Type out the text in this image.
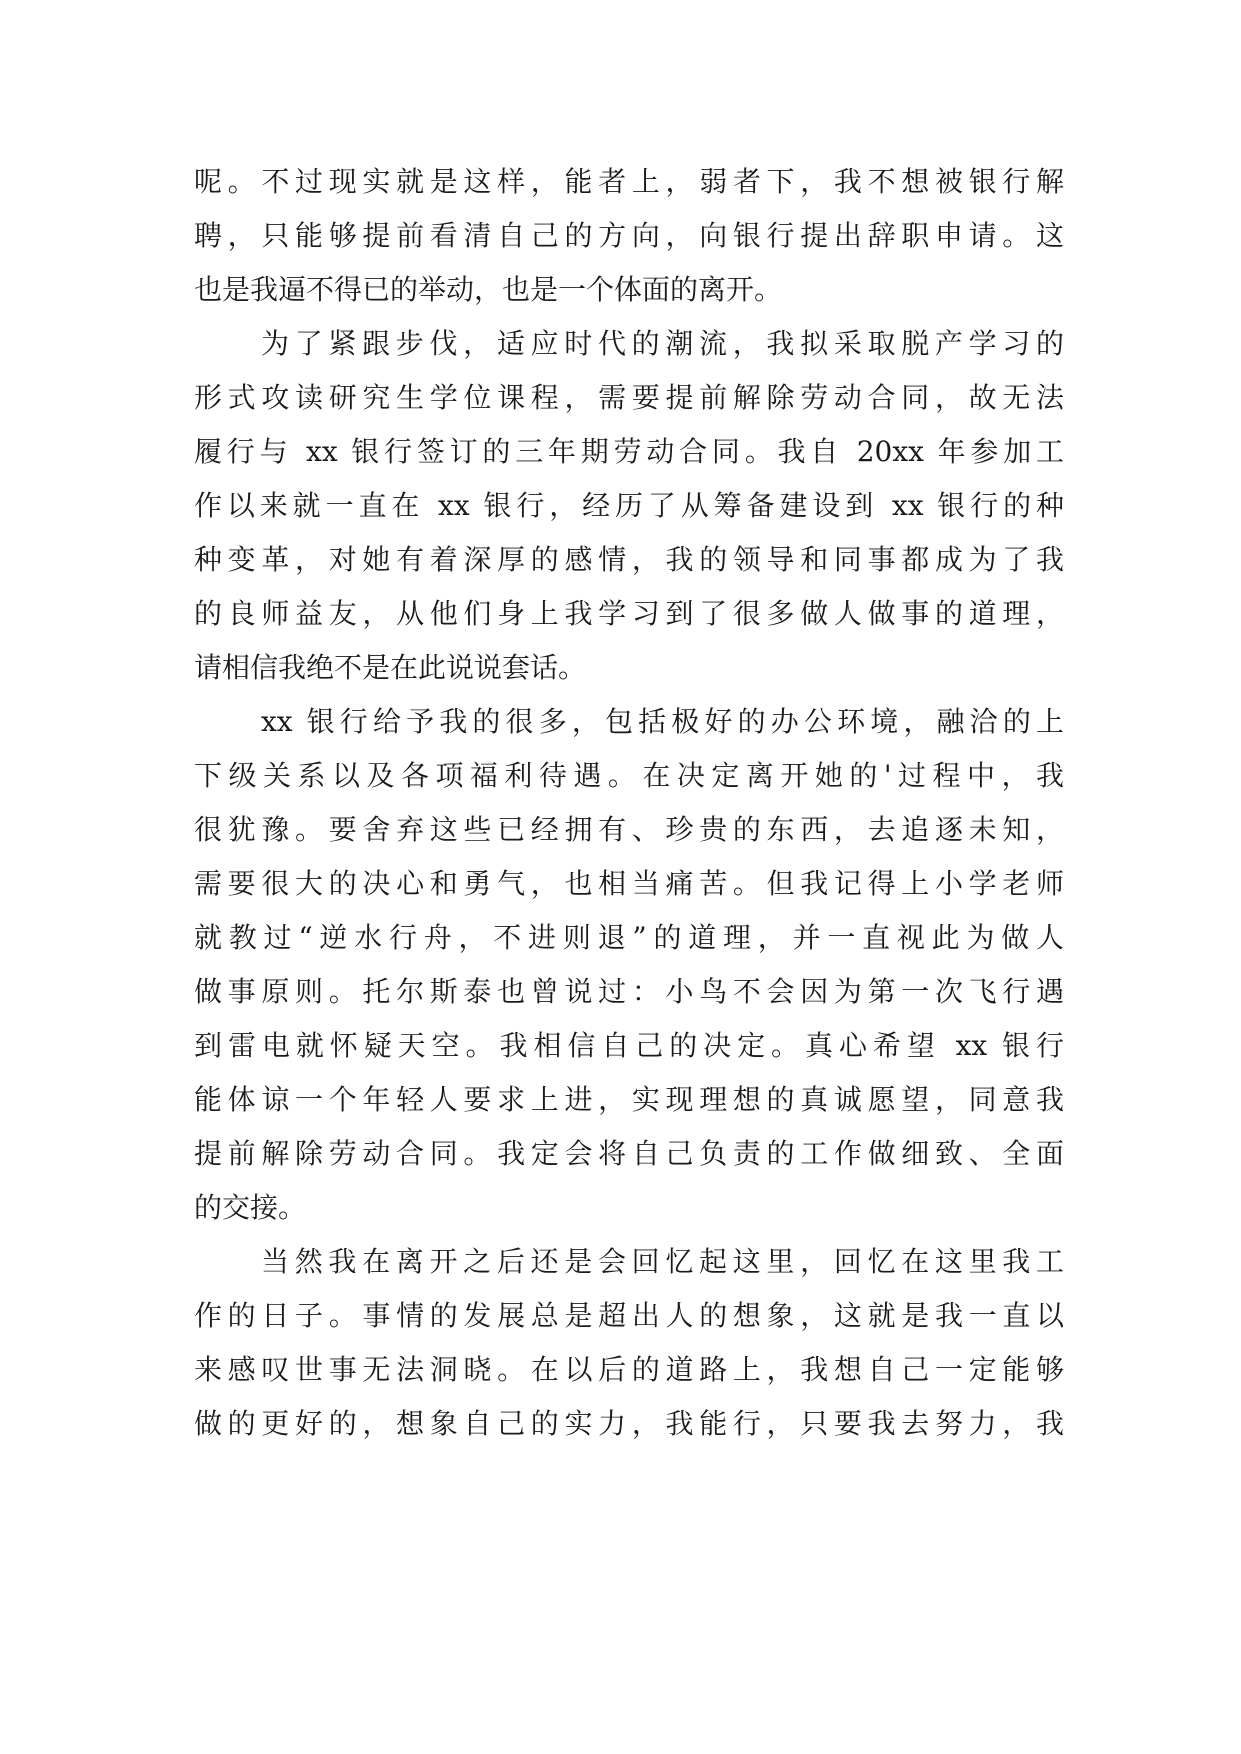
呢。不过现实就是这样，能者上，弱者下，我不想被银行解
聘，只能够提前看清自己的方向，向银行提出辞职申请。这
也是我逼不得已的举动，也是一个体面的离开。
为了紧跟步伐，适应时代的潮流，我拟采取脱产学习的
形式攻读研究生学位课程，需要提前解除劳动合同，故无法
履行与 xx 银行签订的三年期劳动合同。我自 20xx 年参加工
作以来就一直在 xx 银行，经历了从筹备建设到 xx 银行的种
种变革，对她有着深厚的感情，我的领导和同事都成为了我
的良师益友，从他们身上我学习到了很多做人做事的道理，
请相信我绝不是在此说说套话。
xx 银行给予我的很多，包括极好的办公环境，融洽的上
下级关系以及各项福利待遇。在决定离开她的'过程中，我
很犹豫。要舍弃这些已经拥有、珍贵的东西，去追逐未知，
需要很大的决心和勇气，也相当痛苦。但我记得上小学老师
就教过“逆水行舟，不进则退”的道理，并一直视此为做人
做事原则。托尔斯泰也曾说过：小鸟不会因为第一次飞行遇
到雷电就怀疑天空。我相信自己的决定。真心希望 xx 银行
能体谅一个年轻人要求上进，实现理想的真诚愿望，同意我
提前解除劳动合同。我定会将自己负责的工作做细致、全面
的交接。
当然我在离开之后还是会回忆起这里，回忆在这里我工
作的日子。事情的发展总是超出人的想象，这就是我一直以
来感叹世事无法洞晓。在以后的道路上，我想自己一定能够
做的更好的，想象自己的实力，我能行，只要我去努力，我
